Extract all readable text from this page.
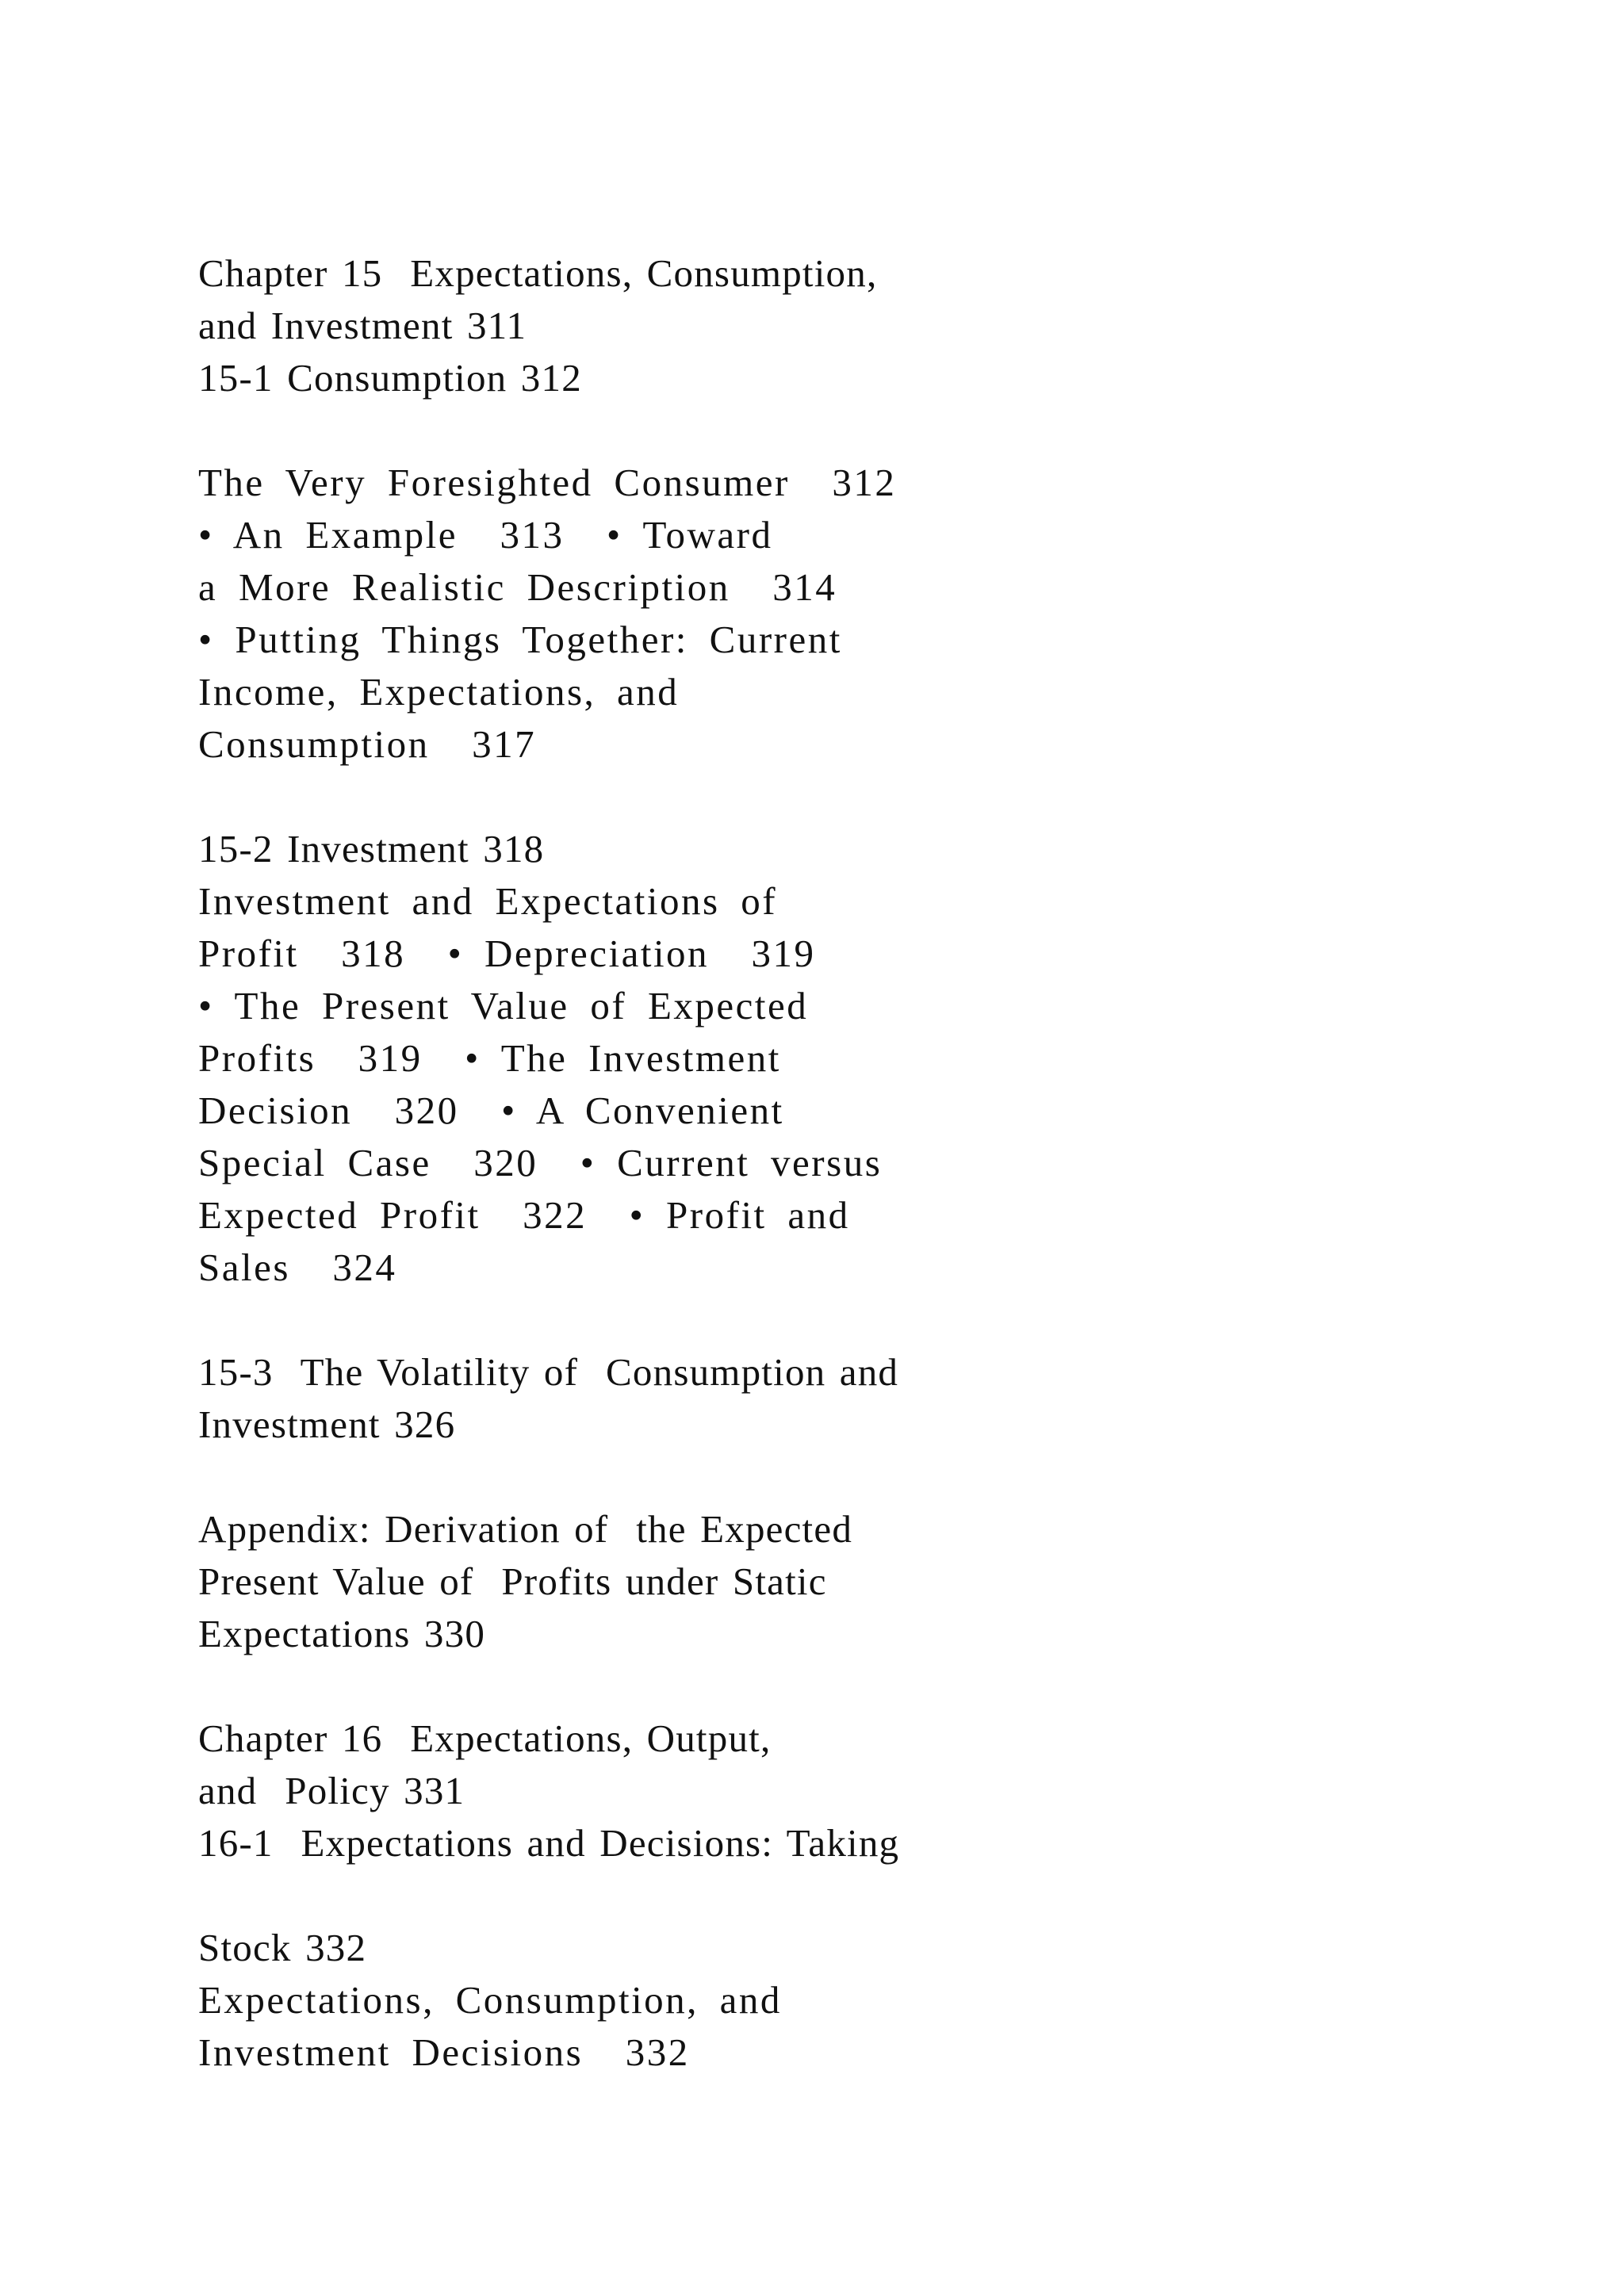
Chapter 15  Expectations, Consumption,
and Investment 311
15-1 Consumption 312
The Very Foresighted Consumer  312
• An Example  313  • Toward
a More Realistic Description  314
• Putting Things Together: Current
Income, Expectations, and
Consumption  317
15-2 Investment 318
Investment and Expectations of
Profit  318  • Depreciation  319
• The Present Value of Expected
Profits  319  • The Investment
Decision  320  • A Convenient
Special Case  320  • Current versus
Expected Profit  322  • Profit and
Sales  324
15-3  The Volatility of  Consumption and
Investment 326
Appendix: Derivation of  the Expected
Present Value of  Profits under Static
Expectations 330
Chapter 16  Expectations, Output,
and  Policy 331
16-1  Expectations and Decisions: Taking
Stock 332
Expectations, Consumption, and
Investment Decisions  332
